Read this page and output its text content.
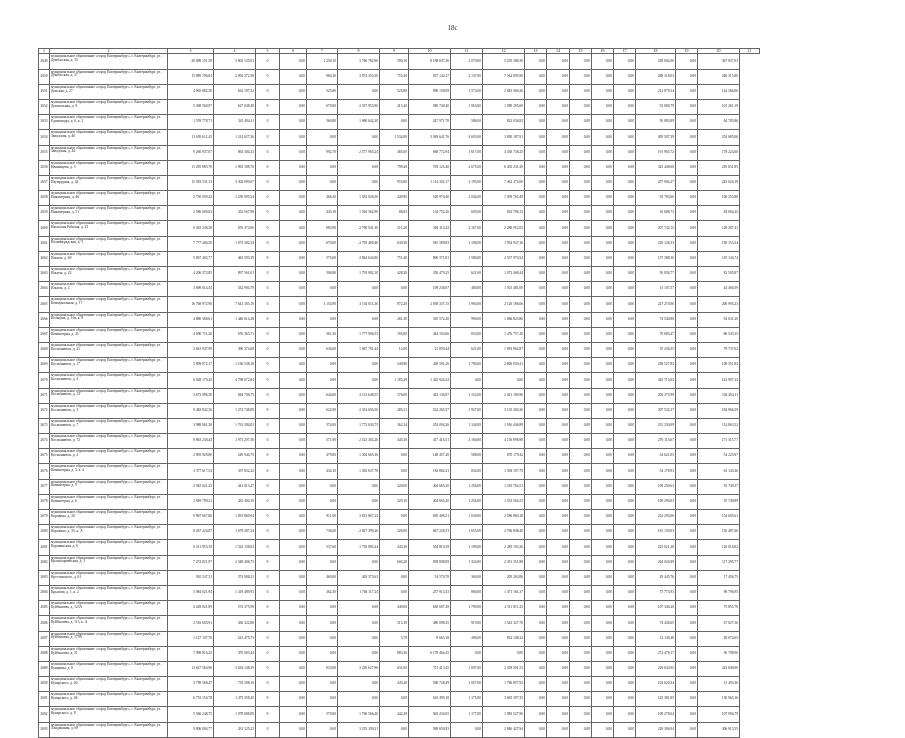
18с
1	2	3	4	5	6	7	8	9	10	11	12	13	14	15	16	17	18	19	20	21
2649	муниципальное образование «город Екатеринбург», г. Екатеринбург, ул. Донбасская, д. 35	20 098 151,58	5 803 135,03	0	0,00	1 258,10	3 766 782,90	590,10	8 188 047,36	2 070,00	5 255 388,30	0,00	0,00	0,00	0,00	0,00	238 002,00	0,00	367 837,03	
2650	муниципальное образование «город Екатеринбург», г. Екатеринбург, ул. Донбасская, д. 37	15 889 796,84	2 092 272,58	0	0,00	984,30	3 874 350,30	755,30	937 142,27	2 137,00	7 562 095,90	0,00	0,00	0,00	0,00	0,00	288 318,03	0,00	246 315,80	
2651	муниципальное образование «город Екатеринбург», г. Екатеринбург, ул. Донская, д. 27	4 965 882,30	632 197,32	0	0,00	525,80	0,00	525,80	990 158,09	1 574,00	2 845 569,26	0,00	0,00	0,00	0,00	0,00	212 879,34	0,00	144 366,06	
2652	муниципальное образование «город Екатеринбург», г. Екатеринбург, ул. Дошкольная, д. 9	5 368 560,97	627 048,49	0	0,00	679,00	2 337 953,90	415,40	580 740,40	1 063,00	1 580 295,00	0,00	0,00	0,00	0,00	0,00	92 080,79	0,00	101 261,19	
2653	муниципальное образование «город Екатеринбург», г. Екатеринбург, ул. Единомоды, д. 6, к. 2	1 559 778,71	341 494,11	0	0,00	560,80	1 680 642,30	0,00	247 971,78	586,00	823 036,82	0,00	0,00	0,00	0,00	0,00	50 883,89	0,00	64 785,86	
2654	муниципальное образование «город Екатеринбург», г. Екатеринбург, ул. Заводская, д. 40	11 659 611,45	1 314 627,36	0	0,00	0,00	0,00	1 534,00	3 049 641,76	4 693,00	3 830 187,91	0,00	0,00	0,00	0,00	0,00	495 507,39	0,00	254 685,06	
2655	муниципальное образование «город Екатеринбург», г. Екатеринбург, ул. Заводская, д. 44	9 260 937,07	863 304,23	0	0,00	992,70	2 577 965,24	485,00	668 772,94	1 617,00	4 330 738,25	0,00	0,00	0,00	0,00	0,00	191 965,72	0,00	178 223,60	
2656	муниципальное образование «город Екатеринбург», г. Екатеринбург, ул. Иванищева, д. 3	11 295 885,70	1 992 188,70	0	0,00	0,00	0,00	799,40	705 125,40	2 675,00	6 435 231,20	0,00	0,00	0,00	0,00	0,00	325 448,60	0,00	210 651,85	
2657	муниципальное образование «город Екатеринбург», г. Екатеринбург, ул. Изумрудная, д. 34	15 583 531,13	3 302 090,67	0	0,00	0,00	0,00	955,00	1 114 302,17	2 195,00	7 462 372,00	0,00	0,00	0,00	0,00	0,00	257 904,27	0,00	243 024,19	
2658	муниципальное образование «город Екатеринбург», г. Екатеринбург, ул. Инженерная, д. 46	2 750 059,42	1 250 995,54	0	0,00	466,30	1 032 026,50	449,90	520 970,40	2 044,00	1 059 765,49	0,00	0,00	0,00	0,00	0,00	92 783,60	0,00	106 255,88	
2659	муниципальное образование «город Екатеринбург», г. Екатеринбург, ул. Инженерная, д. 51	2 586 609,63	352 567,98	0	0,00	443,10	1 563 362,90	86,83	134 752,26	605,00	833 786,15	0,00	0,00	0,00	0,00	0,00	10 686,73	0,00	84 064,35	
2660	муниципальное образование «город Екатеринбург», г. Екатеринбург, ул. Июльская Рабочая, д. 21	6 563 238,38	876 374,00	0	0,00	883,90	2 790 941,30	211,20	394 113,32	2 167,00	2 288 952,05	0,00	0,00	0,00	0,00	0,00	207 742,15	0,00	128 287,41	
2661	муниципальное образование «город Екатеринбург», г. Екатеринбург, ул. Калиниградская, д. 5	7 777 266,50	1 073 382,34	0	0,00	670,00	2 795 469,40	630,50	910 589,83	1 196,00	1 954 947,16	0,00	0,00	0,00	0,00	0,00	218 126,53	0,00	150 153,34	
2662	муниципальное образование «город Екатеринбург», г. Екатеринбург, ул. Ильича, д. 60	5 867 402,77	463 593,39	0	0,00	575,60	2 844 644,80	751,40	806 371,81	1 580,00	2 537 970,54	0,00	0,00	0,00	0,00	0,00	157 388,30	0,00	119 144,74	
2663	муниципальное образование «город Екатеринбург», г. Екатеринбург, ул. Ильича, д. 22	4 206 372,85	897 561,01	0	0,00	506,80	1 793 082,10	428,20	350 479,25	621,00	1 072 468,44	0,00	0,00	0,00	0,00	0,00	50 836,77	0,00	82 505,87	
2664	муниципальное образование «город Екатеринбург», г. Екатеринбург, ул. Ильича, д. 2	3 698 614,54	332 994,79	0	0,00	0,00	0,00	0,00	109 236,07	480,00	1 501 481,00	0,00	0,00	0,00	0,00	0,00	15 107,57	0,00	44 460,59	
2665	муниципальное образование «город Екатеринбург», г. Екатеринбург, ул. Коммунальная, д. 17	16 768 972,96	7 641 185,10	0	0,00	1 154,90	3 102 011,30	872,20	2 058 337,15	1 994,00	2 120 186,66	0,00	0,00	0,00	0,00	0,00	227 270,00	0,00	206 993,23	
2666	муниципальное образование «город Екатеринбург», г. Екатеринбург, ул. Кольцова, д. 10а, к. 8	4 880 368,61	1 446 614,28	0	0,00	0,00	0,00	261,30	310 572,20	990,00	1 066 823,86	0,00	0,00	0,00	0,00	0,00	74 540,80	0,00	92 631,20	
2667	муниципальное образование «город Екатеринбург», г. Екатеринбург, ул. Коминтерна, д. 43	4 690 711,20	676 363,71	0	0,00	361,30	1 777 906,53	193,00	444 103,66	833,00	1 476 757,20	0,00	0,00	0,00	0,00	0,00	70 685,47	0,00	86 543,35	
2668	муниципальное образование «город Екатеринбург», г. Екатеринбург, ул. Космонавтов, д. 21	3 661 947,99	396 374,68	0	0,00	636,00	1 867 701,44	12,00	21 859,44	621,00	1 093 962,87	0,00	0,00	0,00	0,00	0,00	55 236,55	0,00	79 737,62	
2669	муниципальное образование «город Екатеринбург», г. Екатеринбург, ул. Космонавтов, д. 17	5 809 972,17	1 166 538,18	0	0,00	0,00	0,00	340,80	438 591,26	1 780,00	2 806 039,41	0,00	0,00	0,00	0,00	0,00	258 527,84	0,00	108 351,84	
2670	муниципальное образование «город Екатеринбург», г. Екатеринбург, ул. Космонавтов, д. 4	6 028 179,45	4 798 672,84	0	0,00	0,00	0,00	1 185,29	1 425 924,22	0,00	0,00	0,00	0,00	0,00	0,00	0,00	345 715,04	0,00	123 907,34	
2671	муниципальное образование «город Екатеринбург», г. Екатеринбург, ул. Космонавтов, д. 13	3 673 096,30	684 706,75	0	0,00	644,60	2 113 648,55	376,00	433 136,97	1 152,00	2 021 180,96	0,00	0,00	0,00	0,00	0,00	203 375,99	0,00	102 404,11	
2672	муниципальное образование «город Екатеринбург», г. Екатеринбург, ул. Космонавтов, д. 3	9 482 842,36	1 274 748,09	0	0,00	622,00	2 354 656,50	405,21	522 265,57	1 927,00	3 135 204,36	0,00	0,00	0,00	0,00	0,00	307 532,37	0,00	184 966,59	
2673	муниципальное образование «город Екатеринбург», г. Екатеринбург, ул. Космонавтов, д. 7	3 988 861,30	1 761 284,03	0	0,00	574,00	1 772 630,75	362,34	252 094,26	1 344,00	1 916 446,89	0,00	0,00	0,00	0,00	0,00	231 230,09	0,00	114 863,52	
2674	муниципальное образование «город Екатеринбург», г. Екатеринбург, ул. Космонавтов, д. 72	8 863 230,43	1 973 297,56	0	0,00	571,90	2 523 302,26	445,30	417 416,51	2 160,00	4 156 898,98	0,00	0,00	0,00	0,00	0,00	270 115,67	0,00	171 315,77	
2675	муниципальное образование «город Екатеринбург», г. Екатеринбург, ул. Космонавтов, д. 2	2 895 929,80	249 944,75	0	0,00	479,00	1 304 663,36	0,00	148 457,20	588,00	870 179,42	0,00	0,00	0,00	0,00	0,00	34 621,05	0,00	54 225,87	
2676	муниципальное образование «город Екатеринбург», г. Екатеринбург, ул. Коминтерна, д. 3, к. 4	3 377 617,54	337 832,22	0	0,00	434,10	1 363 637,78	0,00	182 882,41	834,00	1 394 197,79	0,00	0,00	0,00	0,00	0,00	54 178,93	0,00	63 143,36	
2677	муниципальное образование «город Екатеринбург», г. Екатеринбург, ул. Коминтерна, д. 9	2 945 021,25	441 013,47	0	0,00	0,00	0,00	320,00	404 665,20	1 256,00	1 535 764,51	0,00	0,00	0,00	0,00	0,00	109 250,63	0,00	55 749,37	
2678	муниципальное образование «город Екатеринбург», г. Екатеринбург, ул. Коминтерна, д. 6	2 949 799,21	435 494,10	0	0,00	0,00	0,00	329,10	404 665,20	1 256,00	1 533 564,53	0,00	0,00	0,00	0,00	0,00	109 290,03	0,00	55 749,89	
2679	муниципальное образование «город Екатеринбург», г. Екатеринбург, ул. Коровина, д. 30	9 967 667,86	1 833 860,94	0	0,00	911,00	3 813 867,24	0,00	695 406,51	1 639,00	2 586 860,18	0,00	0,00	0,00	0,00	0,00	234 293,06	0,00	154 605,61	
2680	муниципальное образование «город Екатеринбург», г. Екатеринбург, ул. Коровина, д. 35, к. А	8 267 224,07	1 679 287,34	0	0,00	736,00	2 827 399,26	326,00	667 228,53	1 655,00	2 766 848,40	0,00	0,00	0,00	0,00	0,00	181 159,03	0,00	156 487,66	
2681	муниципальное образование «город Екатеринбург», г. Екатеринбург, ул. Коровинская, д. 6	6 511 953,19	1 323 158,02	0	0,00	537,60	1 730 885,44	443,20	564 819,39	1 199,00	2 285 103,26	0,00	0,00	0,00	0,00	0,00	225 021,28	0,00	120 016,82	
2682	муниципальное образование «город Екатеринбург», г. Екатеринбург, ул. Красноармейская, д. 3	7 274 821,97	2 348 406,75	0	0,00	0,00	0,00	604,20	839 808,09	1 324,00	2 451 351,88	0,00	0,00	0,00	0,00	0,00	264 024,99	0,00	117 295,77	
2683	муниципальное образование «город Екатеринбург», г. Екатеринбург, ул. Крестинского, д. 61	910 547,31	374 908,21	0	0,00	460,00	403 375,63	0,00	54 570,78	360,00	205 263,86	0,00	0,00	0,00	0,00	0,00	29 445,76	0,00	17 456,75	
2684	муниципальное образование «город Екатеринбург», г. Екатеринбург, ул. Крылова, д. 1, к. 2	5 084 621,94	1 419 489,93	0	0,00	362,30	1 784 117,24	0,00	237 913,53	880,00	1 471 161,37	0,00	0,00	0,00	0,00	0,00	75 773,93	0,00	98 796,95	
2685	муниципальное образование «город Екатеринбург», г. Екатеринбург, ул. Куйбышева, д. 123А	4 249 821,89	574 375,99	0	0,00	0,00	0,00	449,00	630 687,49	1 799,00	2 511 811,25	0,00	0,00	0,00	0,00	0,00	107 346,20	0,00	75 855,78	
2686	муниципальное образование «город Екатеринбург», г. Екатеринбург, ул. Куйбышева, д. 113, к. А	2 516 603,91	436 322,88	0	0,00	0,00	0,00	313,10	480 098,35	919,00	1 543 327,76	0,00	0,00	0,00	0,00	0,00	74 436,65	0,00	67 027,56	
2687	муниципальное образование «город Екатеринбург», г. Екатеринбург, ул. Куйбышева, д. 179А	1 127 107,76	241 475,73	0	0,00	0,00	0,00	5,78	8 663,18	496,00	852 148,32	0,00	0,00	0,00	0,00	0,00	12 149,48	0,00	28 072,65	
2688	муниципальное образование «город Екатеринбург», г. Екатеринбург, ул. Куйбышева, д. 51	7 098 816,25	470 003,44	0	0,00	0,00	0,00	883,30	6 178 464,45	0,00	0,00	0,00	0,00	0,00	0,00	0,00	272 478,17	0,00	50 798,96	
2689	муниципальное образование «город Екатеринбург», г. Екатеринбург, ул. Кунарина, д. 8	13 627 564,90	3 634 148,39	0	0,00	833,00	3 239 627,96	631,00	751 413,45	1 697,00	2 339 501,53	0,00	0,00	0,00	0,00	0,00	229 643,95	0,00	243 849,00	
2690	муниципальное образование «город Екатеринбург», г. Екатеринбург, ул. Кунарского, д. 40	3 798 568,47	735 508,16	0	0,00	0,00	0,00	445,40	568 728,49	1 057,00	1 766 857,92	0,00	0,00	0,00	0,00	0,00	102 620,34	0,00	51 493,36	
2691	муниципальное образование «город Екатеринбург», г. Екатеринбург, ул. Кунарского, д. 48	6 753 154,78	1 475 358,45	0	0,00	0,00	0,00	0,00	616 499,18	1 175,00	3 665 397,35	0,00	0,00	0,00	0,00	0,00	125 381,85	0,00	130 963,16	
2692	муниципальное образование «город Екатеринбург», г. Екатеринбург, ул. Кунарского, д. 8	5 566 248,75	1 079 688,09	0	0,00	579,00	1 760 566,40	442,20	565 234,05	1 177,00	1 983 527,96	0,00	0,00	0,00	0,00	0,00	109 278,64	0,00	107 094,79	
2693	муниципальное образование «город Екатеринбург», г. Екатеринбург, ул. Ландышная, д. 69	9 806 004,77	431 125,23	0	0,00	0,00	3 255 199,21	0,00	588 650,93	0,00	2 846 427,94	0,00	0,00	0,00	0,00	0,00	218 306,94	0,00	306 915,55	
